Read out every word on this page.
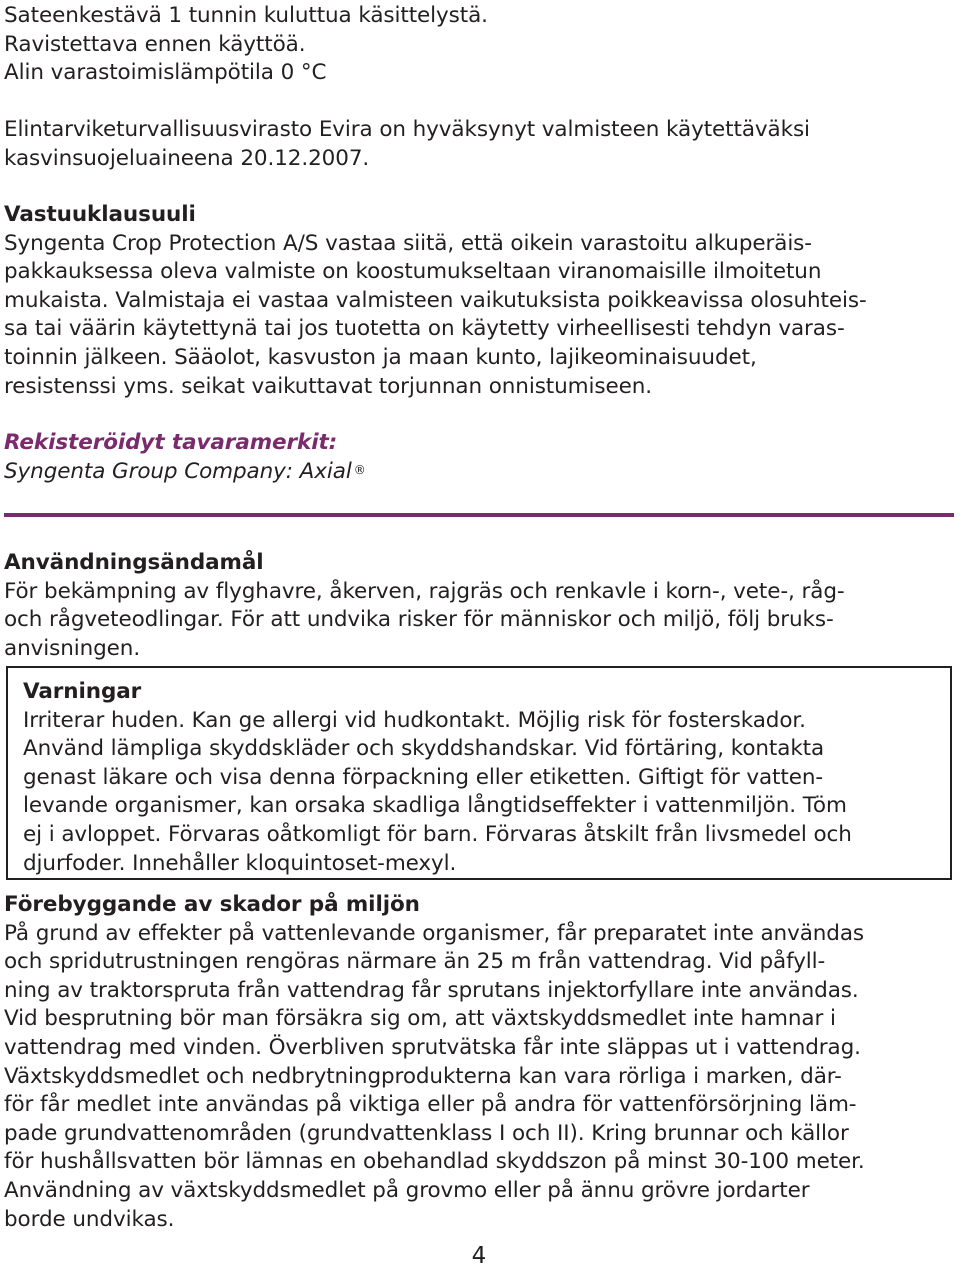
Sateenkestävä 1 tunnin kuluttua käsittelystä.
Ravistettava ennen käyttöä.
Alin varastoimislämpötila 0 °C
Elintarviketurvallisuusvirasto Evira on hyväksynyt valmisteen käytettäväksi
kasvinsuojeluaineena 20.12.2007.
Vastuuklausuuli
Syngenta Crop Protection A/S vastaa siitä, että oikein varastoitu alkuperäis-
pakkauksessa oleva valmiste on koostumukseltaan viranomaisille ilmoitetun
mukaista. Valmistaja ei vastaa valmisteen vaikutuksista poikkeavissa olosuhteis-
sa tai väärin käytettynä tai jos tuotetta on käytetty virheellisesti tehdyn varas-
toinnin jälkeen. Sääolot, kasvuston ja maan kunto, lajikeominaisuudet,
resistenssi yms. seikat vaikuttavat torjunnan onnistumiseen.
Rekisteröidyt tavaramerkit:
Syngenta Group Company: Axial ®
Användningsändamål
För bekämpning av flyghavre, åkerven, rajgräs och renkavle i korn-, vete-, råg-
och rågveteodlingar. För att undvika risker för människor och miljö, följ bruks-
anvisningen.
Varningar
Irriterar huden. Kan ge allergi vid hudkontakt. Möjlig risk för fosterskador.
Använd lämpliga skyddskläder och skyddshandskar. Vid förtäring, kontakta
genast läkare och visa denna förpackning eller etiketten. Giftigt för vatten-
levande organismer, kan orsaka skadliga långtidseffekter i vattenmiljön. Töm
ej i avloppet. Förvaras oåtkomligt för barn. Förvaras åtskilt från livsmedel och
djurfoder. Innehåller kloquintoset-mexyl.
Förebyggande av skador på miljön
På grund av effekter på vattenlevande organismer, får preparatet inte användas
och spridutrustningen rengöras närmare än 25 m från vattendrag. Vid påfyll-
ning av traktorspruta från vattendrag får sprutans injektorfyllare inte användas.
Vid besprutning bör man försäkra sig om, att växtskyddsmedlet inte hamnar i
vattendrag med vinden. Överbliven sprutvätska får inte släppas ut i vattendrag.
Växtskyddsmedlet och nedbrytningprodukterna kan vara rörliga i marken, där-
för får medlet inte användas på viktiga eller på andra för vattenförsörjning läm-
pade grundvattenområden (grundvattenklass I och II). Kring brunnar och källor
för hushållsvatten bör lämnas en obehandlad skyddszon på minst 30-100 meter.
Användning av växtskyddsmedlet på grovmo eller på ännu grövre jordarter
borde undvikas.
4
